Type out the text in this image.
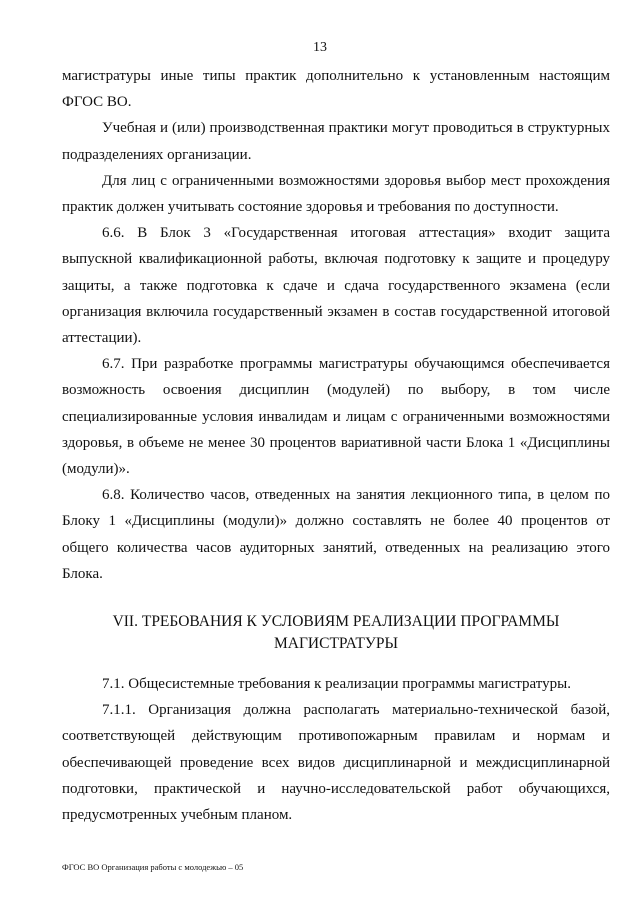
13

магистратуры иные типы практик дополнительно к установленным настоящим ФГОС ВО.

Учебная и (или) производственная практики могут проводиться в структурных подразделениях организации.

Для лиц с ограниченными возможностями здоровья выбор мест прохождения практик должен учитывать состояние здоровья и требования по доступности.

6.6. В Блок 3 «Государственная итоговая аттестация» входит защита выпускной квалификационной работы, включая подготовку к защите и процедуру защиты, а также подготовка к сдаче и сдача государственного экзамена (если организация включила государственный экзамен в состав государственной итоговой аттестации).

6.7. При разработке программы магистратуры обучающимся обеспечивается возможность освоения дисциплин (модулей) по выбору, в том числе специализированные условия инвалидам и лицам с ограниченными возможностями здоровья, в объеме не менее 30 процентов вариативной части Блока 1 «Дисциплины (модули)».

6.8. Количество часов, отведенных на занятия лекционного типа, в целом по Блоку 1 «Дисциплины (модули)» должно составлять не более 40 процентов от общего количества часов аудиторных занятий, отведенных на реализацию этого Блока.

VII. ТРЕБОВАНИЯ К УСЛОВИЯМ РЕАЛИЗАЦИИ ПРОГРАММЫ
МАГИСТРАТУРЫ

7.1. Общесистемные требования к реализации программы магистратуры.

7.1.1. Организация должна располагать материально-технической базой, соответствующей действующим противопожарным правилам и нормам и обеспечивающей проведение всех видов дисциплинарной и междисциплинарной подготовки, практической и научно-исследовательской работ обучающихся, предусмотренных учебным планом.

ФГОС ВО Организация работы с молодежью – 05
